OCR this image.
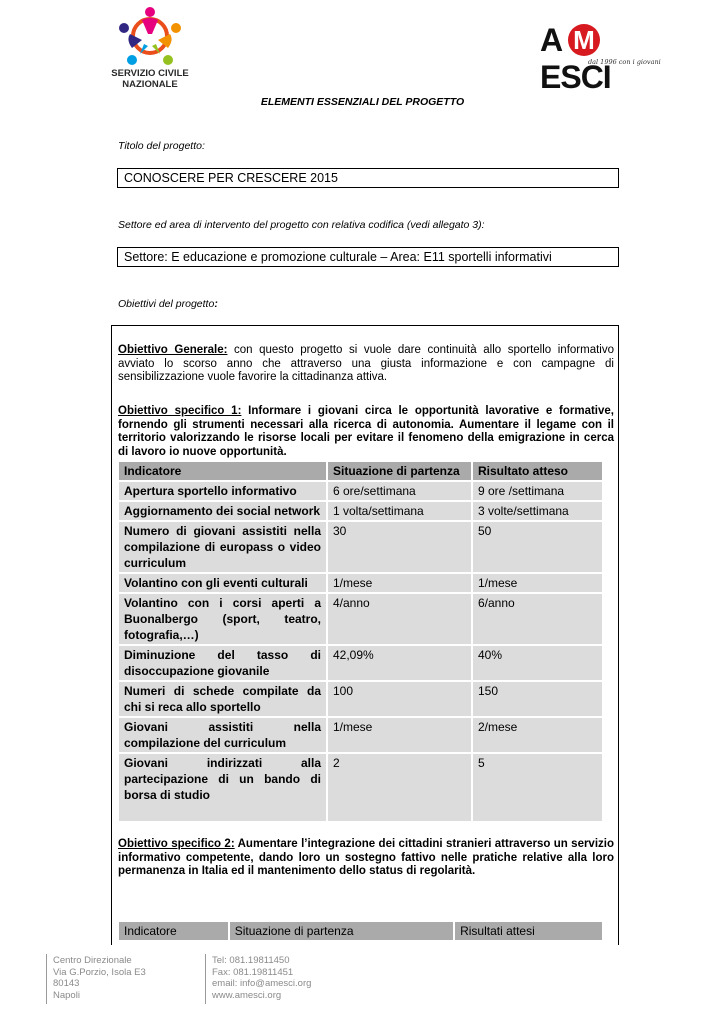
SERVIZIO CIVILE
NAZIONALE
AESCI
M
dal 1996 con i giovani
ELEMENTI ESSENZIALI DEL PROGETTO
Titolo del progetto:
CONOSCERE PER CRESCERE 2015
Settore ed area di intervento del progetto con relativa codifica (vedi allegato 3):
Settore: E educazione e promozione culturale – Area: E11 sportelli informativi
Obiettivi del progetto:
Obiettivo Generale: con questo progetto si vuole dare continuità allo sportello informativo avviato lo scorso anno che attraverso una giusta informazione e con campagne di sensibilizzazione vuole favorire la cittadinanza attiva.
Obiettivo specifico 1: Informare i giovani circa le opportunità lavorative e formative, fornendo gli strumenti necessari alla ricerca di autonomia. Aumentare il legame con il territorio valorizzando le risorse locali per evitare il fenomeno della emigrazione in cerca di lavoro io nuove opportunità.
Indicatore	Situazione di partenza	Risultato atteso
Apertura sportello informativo	6 ore/settimana	9 ore /settimana
Aggiornamento dei social network	1 volta/settimana	3 volte/settimana
Numero di giovani assistiti nella compilazione di europass o video curriculum	30	50
Volantino con gli eventi culturali	1/mese	1/mese
Volantino con i corsi aperti a Buonalbergo (sport, teatro, fotografia,…)	4/anno	6/anno
Diminuzione del tasso di disoccupazione giovanile	42,09%	40%
Numeri di schede compilate da chi si reca allo sportello	100	150
Giovani assistiti nella compilazione del curriculum	1/mese	2/mese
Giovani indirizzati alla partecipazione di un bando di borsa di studio	2	5
Obiettivo specifico 2: Aumentare l’integrazione dei cittadini stranieri attraverso un servizio informativo competente, dando loro un sostegno fattivo nelle pratiche relative alla loro permanenza in Italia ed il mantenimento dello status di regolarità.
Indicatore	Situazione di partenza	Risultati attesi
Centro Direzionale
Via G.Porzio, Isola E3
80143
Napoli
Tel: 081.19811450
Fax: 081.19811451
email: info@amesci.org
www.amesci.org
